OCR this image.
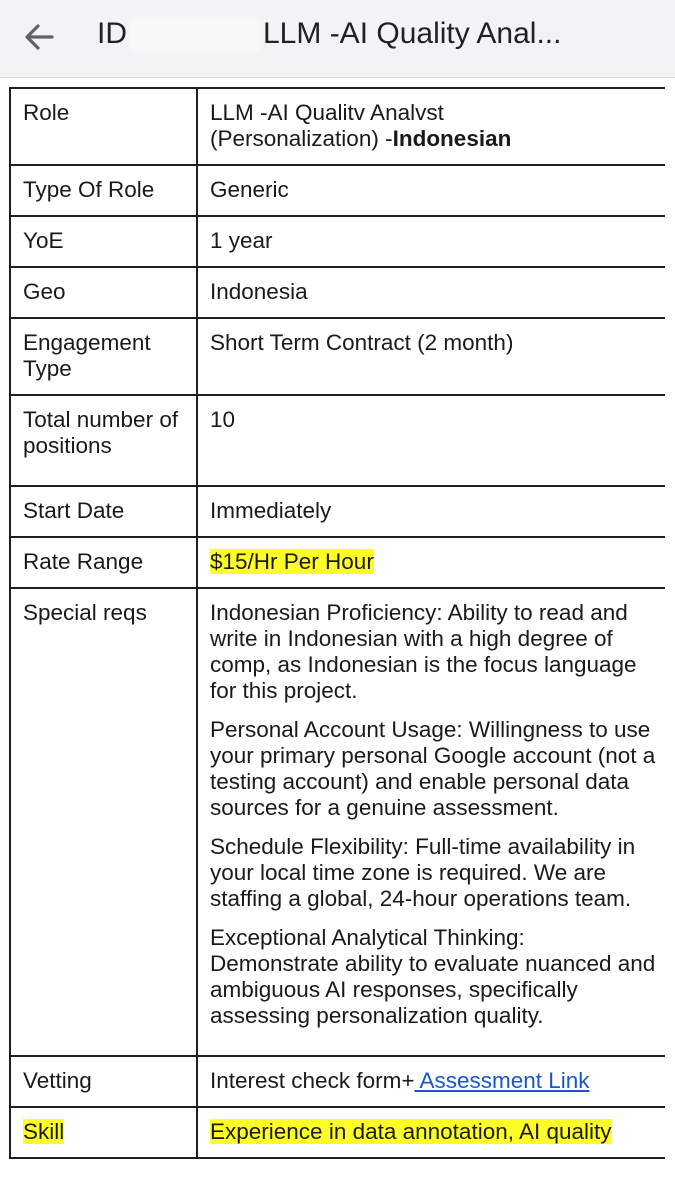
ID	LLM -AI Quality Anal...
Role	LLM -AI Qualitv Analvst
(Personalization) -Indonesian

Type Of Role	Generic
YoE	1 year
Geo	Indonesia
Engagement Type	Short Term Contract (2 month)
Total number of positions	10
Start Date	Immediately
Rate Range	$15/Hr Per Hour
Special reqs	Indonesian Proficiency: Ability to read and write in Indonesian with a high degree of comp, as Indonesian is the focus language for this project.

Personal Account Usage: Willingness to use your primary personal Google account (not a testing account) and enable personal data sources for a genuine assessment.

Schedule Flexibility: Full-time availability in your local time zone is required. We are staffing a global, 24-hour operations team.

Exceptional Analytical Thinking: Demonstrate ability to evaluate nuanced and ambiguous AI responses, specifically assessing personalization quality.

Vetting	Interest check form+ Assessment Link
Skill	Experience in data annotation, AI quality
